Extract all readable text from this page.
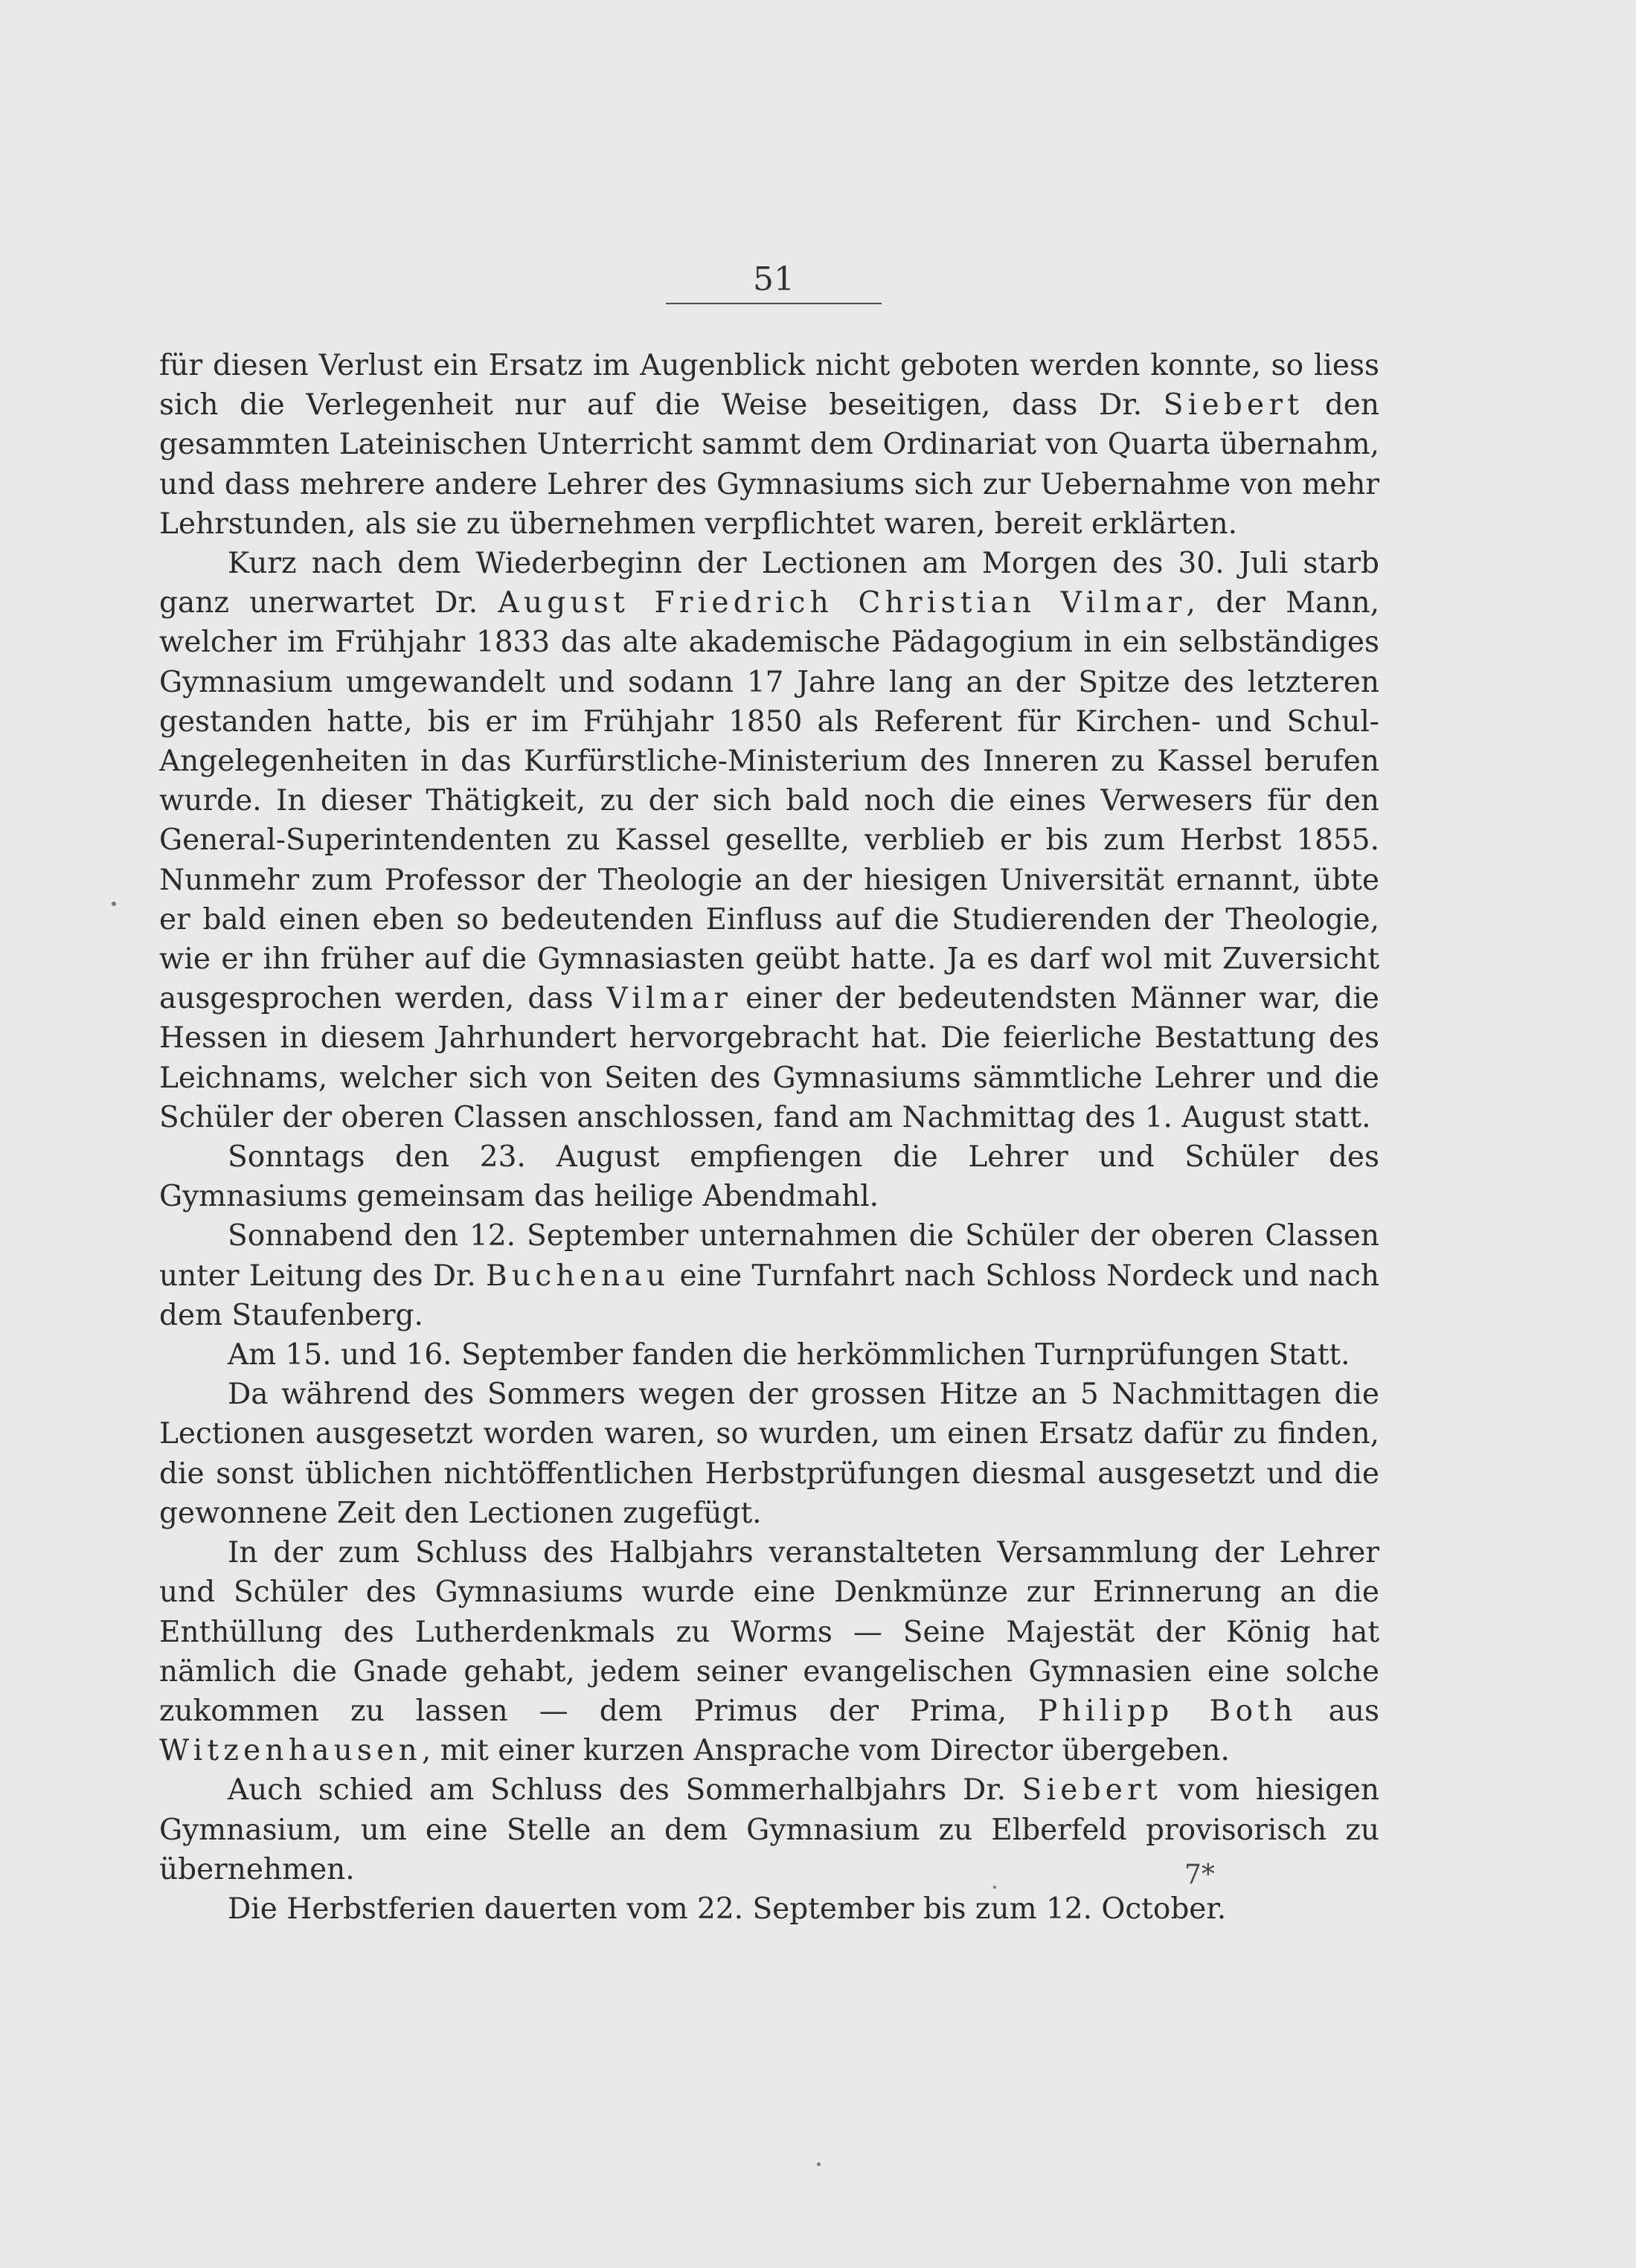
51

für diesen Verlust ein Ersatz im Augenblick nicht geboten werden konnte, so liess sich die Verlegenheit nur auf die Weise beseitigen, dass Dr. Siebert den gesammten Lateinischen Unterricht sammt dem Ordinariat von Quarta übernahm, und dass mehrere andere Lehrer des Gymnasiums sich zur Uebernahme von mehr Lehrstunden, als sie zu übernehmen verpflichtet waren, bereit erklärten.

Kurz nach dem Wiederbeginn der Lectionen am Morgen des 30. Juli starb ganz unerwartet Dr. August Friedrich Christian Vilmar, der Mann, welcher im Frühjahr 1833 das alte akademische Pädagogium in ein selbständiges Gymnasium umgewandelt und sodann 17 Jahre lang an der Spitze des letzteren gestanden hatte, bis er im Frühjahr 1850 als Referent für Kirchen- und Schul-Angelegenheiten in das Kurfürstliche-Ministerium des Inneren zu Kassel berufen wurde. In dieser Thätigkeit, zu der sich bald noch die eines Verwesers für den General-Superintendenten zu Kassel gesellte, verblieb er bis zum Herbst 1855. Nunmehr zum Professor der Theologie an der hiesigen Universität ernannt, übte er bald einen eben so bedeutenden Einfluss auf die Studierenden der Theologie, wie er ihn früher auf die Gymnasiasten geübt hatte. Ja es darf wol mit Zuversicht ausgesprochen werden, dass Vilmar einer der bedeutendsten Männer war, die Hessen in diesem Jahrhundert hervorgebracht hat. Die feierliche Bestattung des Leichnams, welcher sich von Seiten des Gymnasiums sämmtliche Lehrer und die Schüler der oberen Classen anschlossen, fand am Nachmittag des 1. August statt.

Sonntags den 23. August empfiengen die Lehrer und Schüler des Gymnasiums gemeinsam das heilige Abendmahl.

Sonnabend den 12. September unternahmen die Schüler der oberen Classen unter Leitung des Dr. Buchenau eine Turnfahrt nach Schloss Nordeck und nach dem Staufenberg.

Am 15. und 16. September fanden die herkömmlichen Turnprüfungen Statt.

Da während des Sommers wegen der grossen Hitze an 5 Nachmittagen die Lectionen ausgesetzt worden waren, so wurden, um einen Ersatz dafür zu finden, die sonst üblichen nichtöffentlichen Herbstprüfungen diesmal ausgesetzt und die gewonnene Zeit den Lectionen zugefügt.

In der zum Schluss des Halbjahrs veranstalteten Versammlung der Lehrer und Schüler des Gymnasiums wurde eine Denkmünze zur Erinnerung an die Enthüllung des Lutherdenkmals zu Worms — Seine Majestät der König hat nämlich die Gnade gehabt, jedem seiner evangelischen Gymnasien eine solche zukommen zu lassen — dem Primus der Prima, Philipp Both aus Witzenhausen, mit einer kurzen Ansprache vom Director übergeben.

Auch schied am Schluss des Sommerhalbjahrs Dr. Siebert vom hiesigen Gymnasium, um eine Stelle an dem Gymnasium zu Elberfeld provisorisch zu übernehmen.

Die Herbstferien dauerten vom 22. September bis zum 12. October.

7*
